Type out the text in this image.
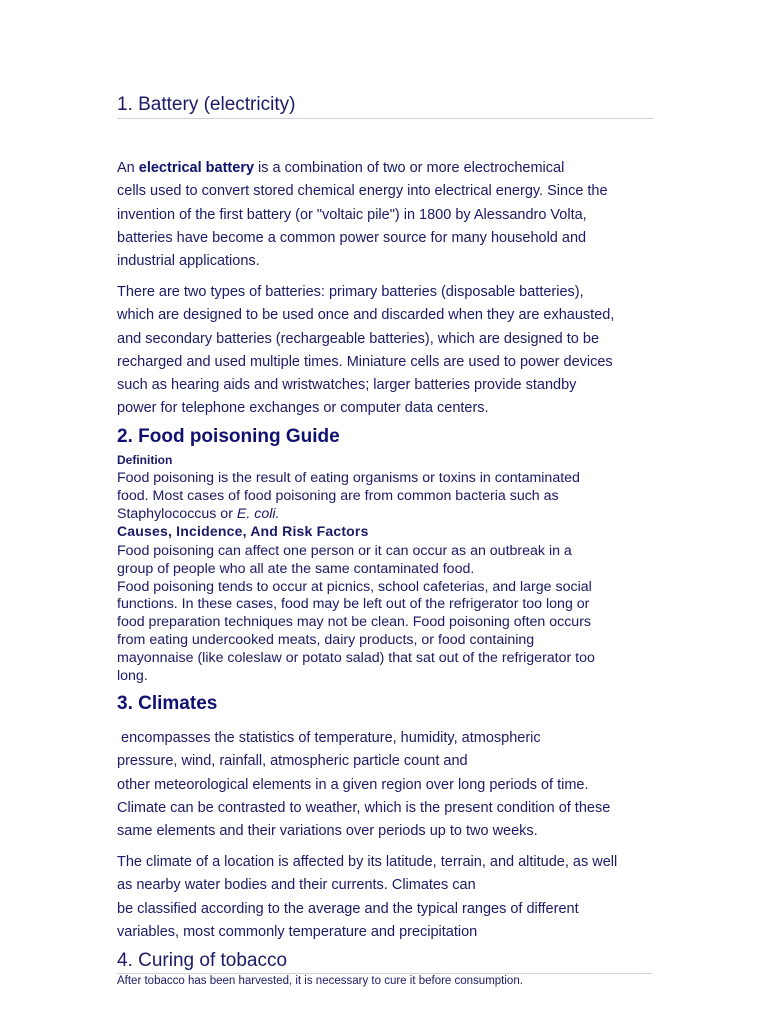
1. Battery (electricity)
An electrical battery is a combination of two or more electrochemical
cells used to convert stored chemical energy into electrical energy. Since the
invention of the first battery (or "voltaic pile") in 1800 by Alessandro Volta,
batteries have become a common power source for many household and
industrial applications.
There are two types of batteries: primary batteries (disposable batteries),
which are designed to be used once and discarded when they are exhausted,
and secondary batteries (rechargeable batteries), which are designed to be
recharged and used multiple times. Miniature cells are used to power devices
such as hearing aids and wristwatches; larger batteries provide standby
power for telephone exchanges or computer data centers.
2. Food poisoning Guide
Definition
Food poisoning is the result of eating organisms or toxins in contaminated
food. Most cases of food poisoning are from common bacteria such as
Staphylococcus or E. coli.
Causes, Incidence, And Risk Factors
Food poisoning can affect one person or it can occur as an outbreak in a
group of people who all ate the same contaminated food.
Food poisoning tends to occur at picnics, school cafeterias, and large social
functions. In these cases, food may be left out of the refrigerator too long or
food preparation techniques may not be clean. Food poisoning often occurs
from eating undercooked meats, dairy products, or food containing
mayonnaise (like coleslaw or potato salad) that sat out of the refrigerator too
long.
3. Climates
encompasses the statistics of temperature, humidity, atmospheric
pressure, wind, rainfall, atmospheric particle count and
other meteorological elements in a given region over long periods of time.
Climate can be contrasted to weather, which is the present condition of these
same elements and their variations over periods up to two weeks.
The climate of a location is affected by its latitude, terrain, and altitude, as well
as nearby water bodies and their currents. Climates can
be classified according to the average and the typical ranges of different
variables, most commonly temperature and precipitation
4. Curing of tobacco
After tobacco has been harvested, it is necessary to cure it before consumption.
